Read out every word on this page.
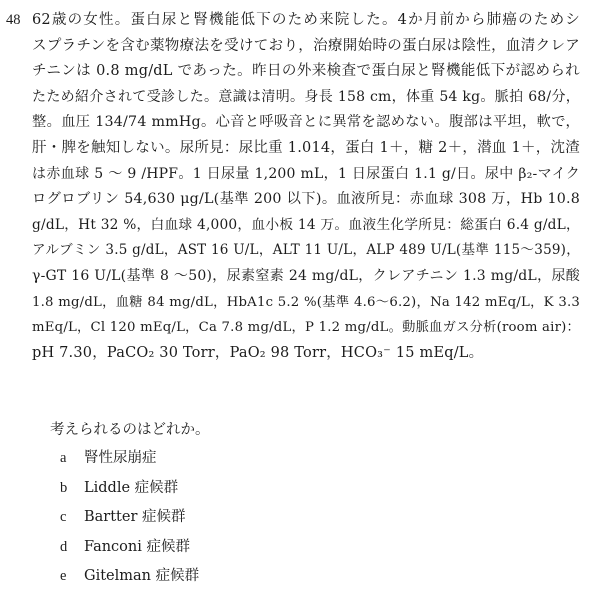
48 62歳の女性。蛋白尿と腎機能低下のため来院した。4か月前から肺癌のためシ
スプラチンを含む薬物療法を受けており，治療開始時の蛋白尿は陰性，血清クレア
チニンは 0.8 mg/dL であった。昨日の外来検査で蛋白尿と腎機能低下が認められ
たため紹介されて受診した。意識は清明。身長 158 cm，体重 54 kg。脈拍 68/分，
整。血圧 134/74 mmHg。心音と呼吸音とに異常を認めない。腹部は平坦，軟で，
肝・脾を触知しない。尿所見：尿比重 1.014，蛋白 1＋，糖 2＋，潜血 1＋，沈渣
は赤血球 5 ～ 9 /HPF。1 日尿量 1,200 mL，1 日尿蛋白 1.1 g/日。尿中 β₂-マイク
ログロブリン 54,630 μg/L(基準 200 以下)。血液所見：赤血球 308 万，Hb 10.8
g/dL，Ht 32 %，白血球 4,000，血小板 14 万。血液生化学所見：総蛋白 6.4 g/dL，
アルブミン 3.5 g/dL，AST 16 U/L，ALT 11 U/L，ALP 489 U/L(基準 115～359)，
γ-GT 16 U/L(基準 8 ～50)，尿素窒素 24 mg/dL，クレアチニン 1.3 mg/dL，尿酸
1.8 mg/dL，血糖 84 mg/dL，HbA1c 5.2 %(基準 4.6～6.2)，Na 142 mEq/L，K 3.3
mEq/L，Cl 120 mEq/L，Ca 7.8 mg/dL，P 1.2 mg/dL。動脈血ガス分析(room air)：
pH 7.30，PaCO₂ 30 Torr，PaO₂ 98 Torr，HCO₃⁻ 15 mEq/L。
考えられるのはどれか。
a 腎性尿崩症
b Liddle 症候群
c Bartter 症候群
d Fanconi 症候群
e Gitelman 症候群
